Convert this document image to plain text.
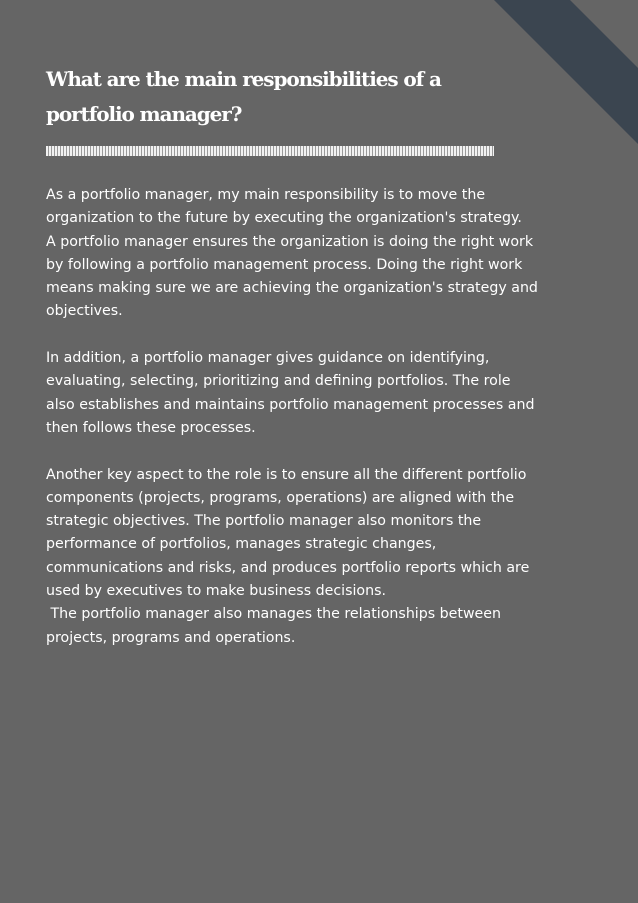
What are the main responsibilities of a
portfolio manager?

As a portfolio manager, my main responsibility is to move the
organization to the future by executing the organization's strategy.
A portfolio manager ensures the organization is doing the right work
by following a portfolio management process. Doing the right work
means making sure we are achieving the organization's strategy and
objectives.

In addition, a portfolio manager gives guidance on identifying,
evaluating, selecting, prioritizing and defining portfolios. The role
also establishes and maintains portfolio management processes and
then follows these processes.

Another key aspect to the role is to ensure all the different portfolio
components (projects, programs, operations) are aligned with the
strategic objectives. The portfolio manager also monitors the
performance of portfolios, manages strategic changes,
communications and risks, and produces portfolio reports which are
used by executives to make business decisions.
The portfolio manager also manages the relationships between
projects, programs and operations.
